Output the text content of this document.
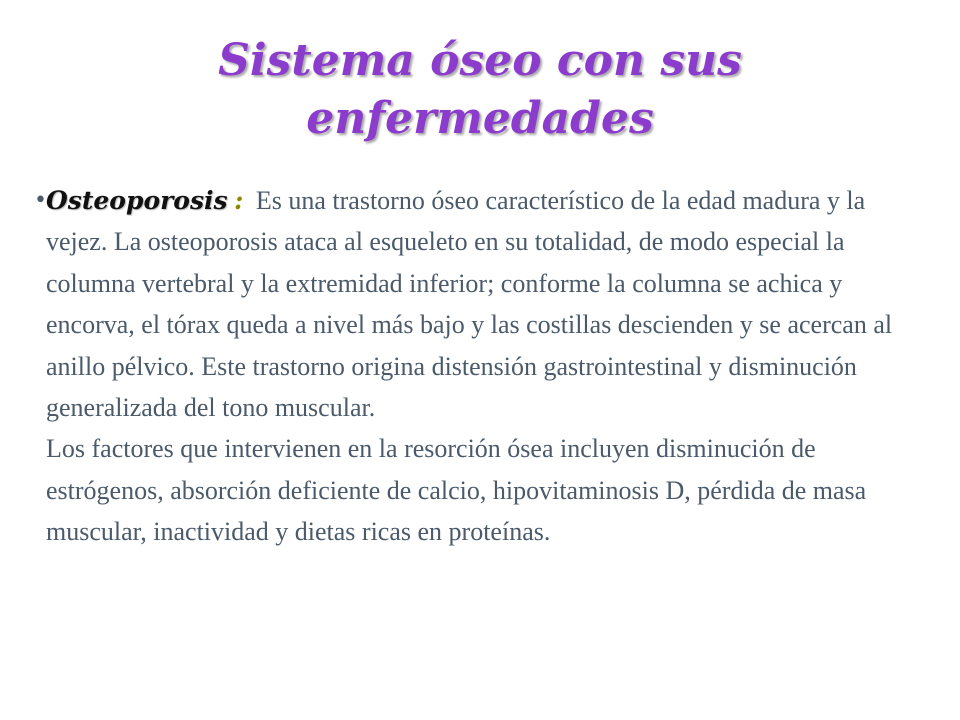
Sistema óseo con sus enfermedades

• Osteoporosis : Es una trastorno óseo característico de la edad madura y la vejez. La osteoporosis ataca al esqueleto en su totalidad, de modo especial la columna vertebral y la extremidad inferior; conforme la columna se achica y encorva, el tórax queda a nivel más bajo y las costillas descienden y se acercan al anillo pélvico. Este trastorno origina distensión gastrointestinal y disminución generalizada del tono muscular.
Los factores que intervienen en la resorción ósea incluyen disminución de estrógenos, absorción deficiente de calcio, hipovitaminosis D, pérdida de masa muscular, inactividad y dietas ricas en proteínas.
